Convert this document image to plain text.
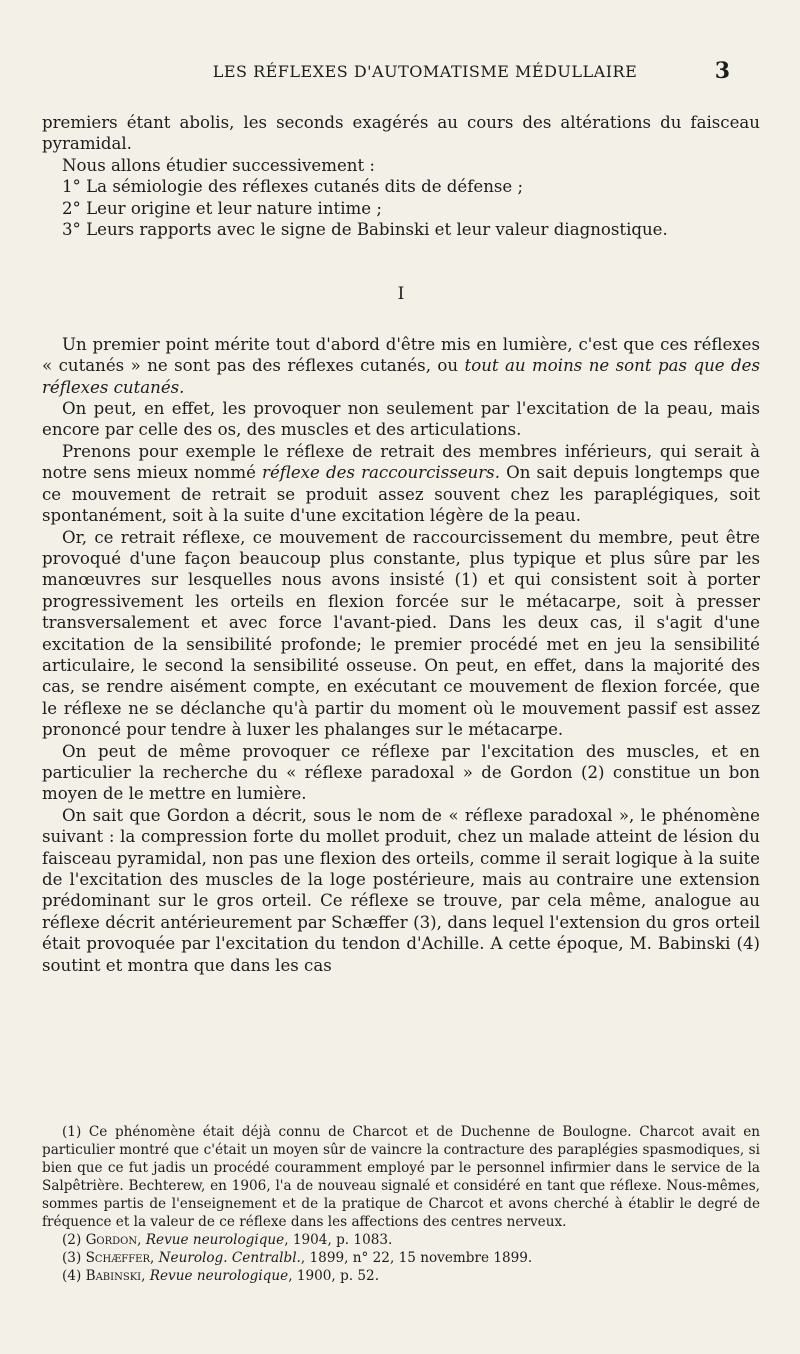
LES RÉFLEXES D'AUTOMATISME MÉDULLAIRE	3

premiers étant abolis, les seconds exagérés au cours des altérations du faisceau pyramidal.

Nous allons étudier successivement :

1° La sémiologie des réflexes cutanés dits de défense ;

2° Leur origine et leur nature intime ;

3° Leurs rapports avec le signe de Babinski et leur valeur diagnostique.

I

Un premier point mérite tout d'abord d'être mis en lumière, c'est que ces réflexes « cutanés » ne sont pas des réflexes cutanés, ou tout au moins ne sont pas que des réflexes cutanés.

On peut, en effet, les provoquer non seulement par l'excitation de la peau, mais encore par celle des os, des muscles et des articulations.

Prenons pour exemple le réflexe de retrait des membres inférieurs, qui serait à notre sens mieux nommé réflexe des raccourcisseurs. On sait depuis longtemps que ce mouvement de retrait se produit assez souvent chez les paraplégiques, soit spontanément, soit à la suite d'une excitation légère de la peau.

Or, ce retrait réflexe, ce mouvement de raccourcissement du membre, peut être provoqué d'une façon beaucoup plus constante, plus typique et plus sûre par les manœuvres sur lesquelles nous avons insisté (1) et qui consistent soit à porter progressivement les orteils en flexion forcée sur le métacarpe, soit à presser transversalement et avec force l'avant-pied. Dans les deux cas, il s'agit d'une excitation de la sensibilité profonde; le premier procédé met en jeu la sensibilité articulaire, le second la sensibilité osseuse. On peut, en effet, dans la majorité des cas, se rendre aisément compte, en exécutant ce mouvement de flexion forcée, que le réflexe ne se déclanche qu'à partir du moment où le mouvement passif est assez prononcé pour tendre à luxer les phalanges sur le métacarpe.

On peut de même provoquer ce réflexe par l'excitation des muscles, et en particulier la recherche du « réflexe paradoxal » de Gordon (2) constitue un bon moyen de le mettre en lumière.

On sait que Gordon a décrit, sous le nom de « réflexe paradoxal », le phénomène suivant : la compression forte du mollet produit, chez un malade atteint de lésion du faisceau pyramidal, non pas une flexion des orteils, comme il serait logique à la suite de l'excitation des muscles de la loge postérieure, mais au contraire une extension prédominant sur le gros orteil. Ce réflexe se trouve, par cela même, analogue au réflexe décrit antérieurement par Schæffer (3), dans lequel l'extension du gros orteil était provoquée par l'excitation du tendon d'Achille. A cette époque, M. Babinski (4) soutint et montra que dans les cas

(1) Ce phénomène était déjà connu de Charcot et de Duchenne de Boulogne. Charcot avait en particulier montré que c'était un moyen sûr de vaincre la contracture des paraplégies spasmodiques, si bien que ce fut jadis un procédé couramment employé par le personnel infirmier dans le service de la Salpêtrière. Bechterew, en 1906, l'a de nouveau signalé et considéré en tant que réflexe. Nous-mêmes, sommes partis de l'enseignement et de la pratique de Charcot et avons cherché à établir le degré de fréquence et la valeur de ce réflexe dans les affections des centres nerveux.

(2) Gordon, Revue neurologique, 1904, p. 1083.

(3) Schæffer, Neurolog. Centralbl., 1899, n° 22, 15 novembre 1899.

(4) Babinski, Revue neurologique, 1900, p. 52.
